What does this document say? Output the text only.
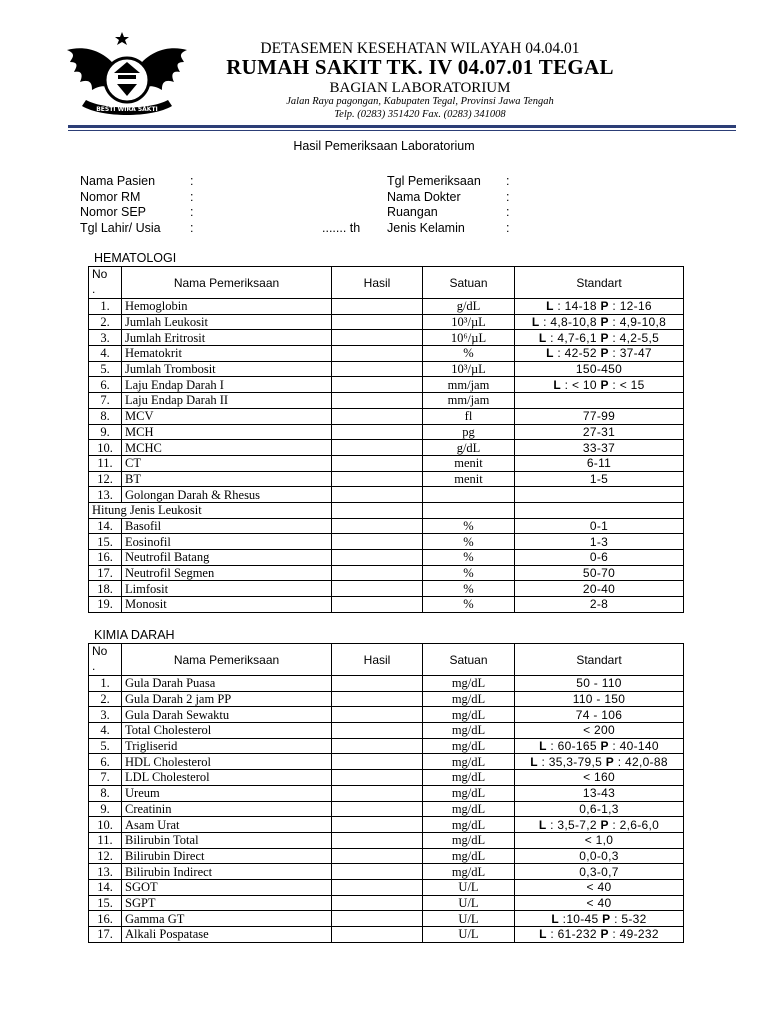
BESTI WIRA SAKTI
DETASEMEN KESEHATAN WILAYAH 04.04.01
RUMAH SAKIT TK. IV 04.07.01 TEGAL
BAGIAN LABORATORIUM
Jalan Raya pagongan, Kabupaten Tegal, Provinsi Jawa Tengah
Telp. (0283) 351420 Fax. (0283) 341008
Hasil Pemeriksaan Laboratorium
Nama Pasien	:
Nomor RM	:
Nomor SEP	:
Tgl Lahir/ Usia :	....... th
Tgl Pemeriksaan :
Nama Dokter	:
Ruangan	:
Jenis Kelamin	:
HEMATOLOGI
No
.	Nama Pemeriksaan	Hasil	Satuan	Standart
1.	Hemoglobin		g/dL	L : 14-18 P : 12-16
2.	Jumlah Leukosit		10³/µL	L : 4,8-10,8 P : 4,9-10,8
3.	Jumlah Eritrosit		10⁶/µL	L : 4,7-6,1 P : 4,2-5,5
4.	Hematokrit		%	L : 42-52 P : 37-47
5.	Jumlah Trombosit		10³/µL	150-450
6.	Laju Endap Darah I		mm/jam	L : < 10 P : < 15
7.	Laju Endap Darah II		mm/jam	
8.	MCV		fl	77-99
9.	MCH		pg	27-31
10.	MCHC		g/dL	33-37
11.	CT		menit	6-11
12.	BT		menit	1-5
13.	Golongan Darah & Rhesus			
Hitung Jenis Leukosit				
14.	Basofil		%	0-1
15.	Eosinofil		%	1-3
16.	Neutrofil Batang		%	0-6
17.	Neutrofil Segmen		%	50-70
18.	Limfosit		%	20-40
19.	Monosit		%	2-8
KIMIA DARAH
No
.	Nama Pemeriksaan	Hasil	Satuan	Standart
1.	Gula Darah Puasa		mg/dL	50 - 110
2.	Gula Darah 2 jam PP		mg/dL	110 - 150
3.	Gula Darah Sewaktu		mg/dL	74 - 106
4.	Total Cholesterol		mg/dL	< 200
5.	Trigliserid		mg/dL	L : 60-165 P : 40-140
6.	HDL Cholesterol		mg/dL	L : 35,3-79,5 P : 42,0-88
7.	LDL Cholesterol		mg/dL	< 160
8.	Ureum		mg/dL	13-43
9.	Creatinin		mg/dL	0,6-1,3
10.	Asam Urat		mg/dL	L : 3,5-7,2 P : 2,6-6,0
11.	Bilirubin Total		mg/dL	< 1,0
12.	Bilirubin Direct		mg/dL	0,0-0,3
13.	Bilirubin Indirect		mg/dL	0,3-0,7
14.	SGOT		U/L	< 40
15.	SGPT		U/L	< 40
16.	Gamma GT		U/L	L :10-45 P : 5-32
17.	Alkali Pospatase		U/L	L : 61-232 P : 49-232
